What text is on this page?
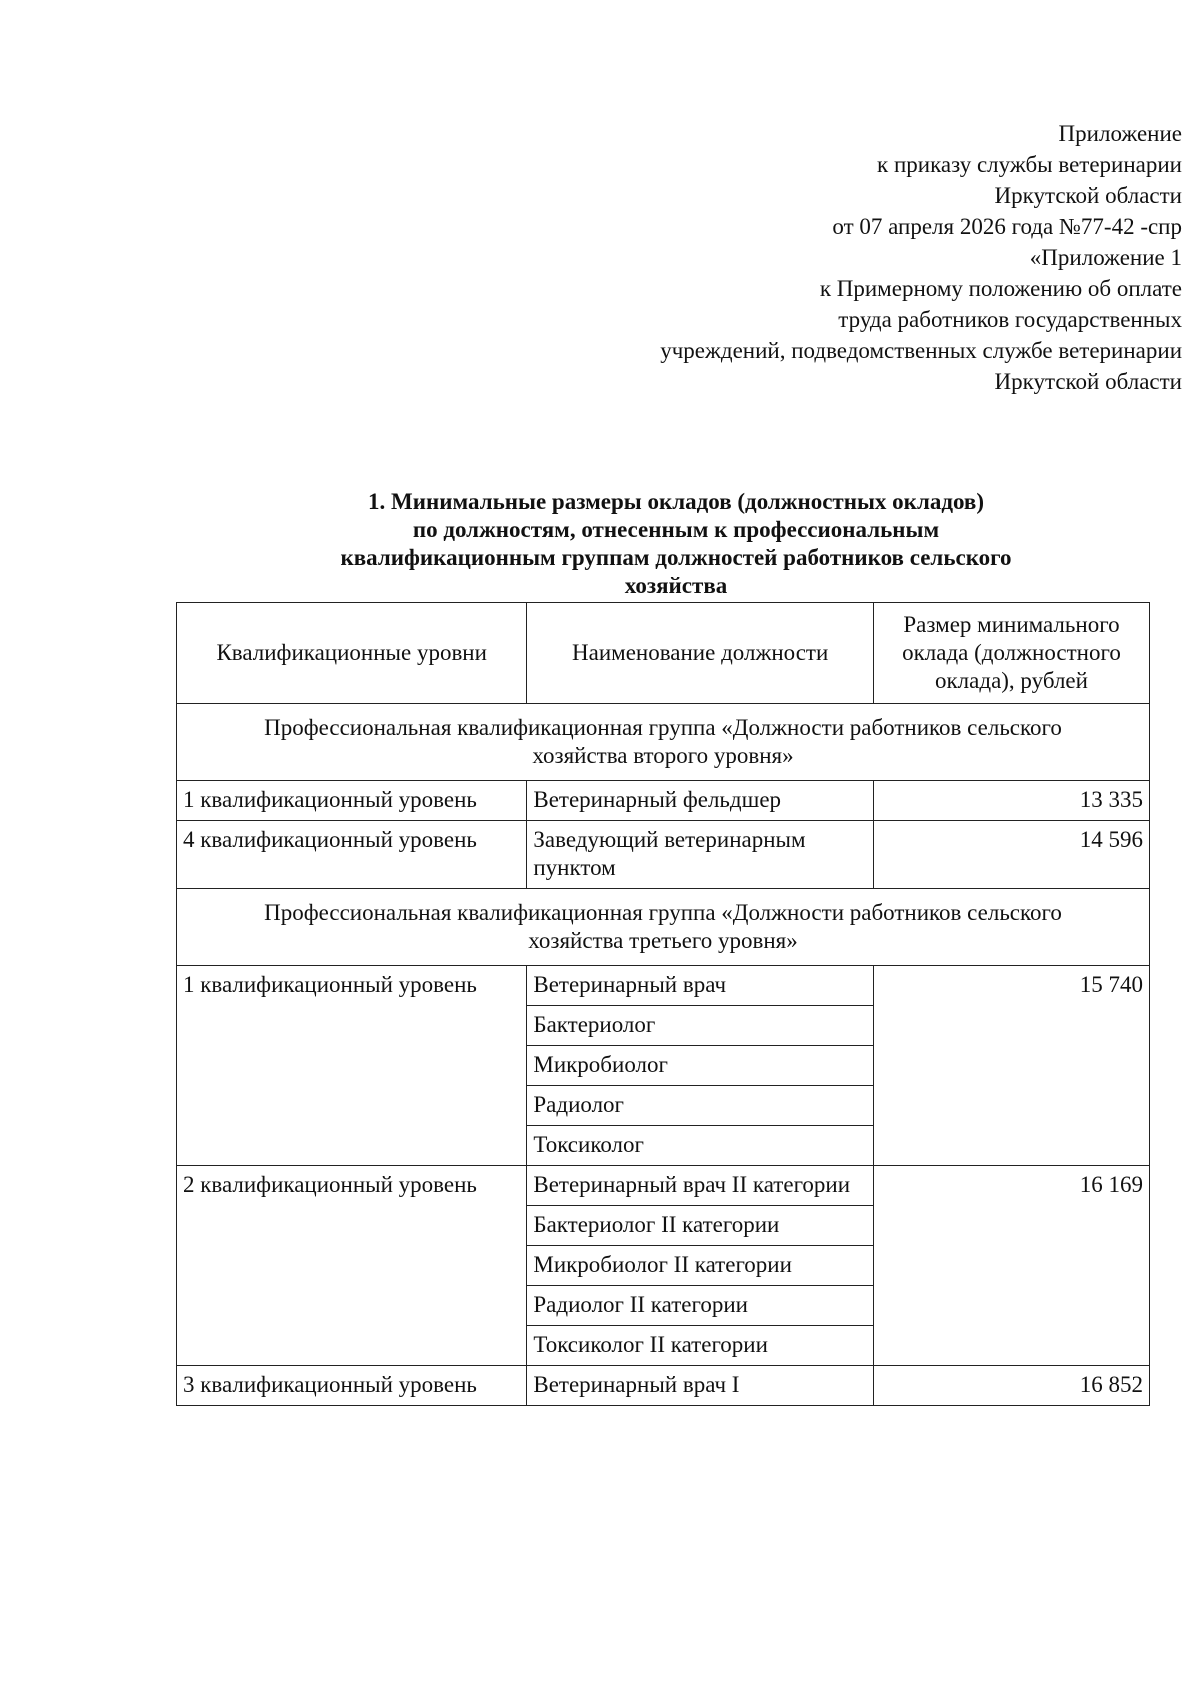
Приложение
к приказу службы ветеринарии
Иркутской области
от 07 апреля 2026 года №77-42 -спр
«Приложение 1
к Примерному положению об оплате
труда работников государственных
учреждений, подведомственных службе ветеринарии
Иркутской области
1. Минимальные размеры окладов (должностных окладов)
по должностям, отнесенным к профессиональным
квалификационным группам должностей работников сельского
хозяйства
Квалификационные уровни	Наименование должности	Размер минимального оклада (должностного оклада), рублей
Профессиональная квалификационная группа «Должности работников сельского хозяйства второго уровня»		
1 квалификационный уровень	Ветеринарный фельдшер	13 335
4 квалификационный уровень	Заведующий ветеринарным пунктом	14 596
Профессиональная квалификационная группа «Должности работников сельского хозяйства третьего уровня»		
1 квалификационный уровень	Ветеринарный врач	15 740
	Бактериолог	
	Микробиолог	
	Радиолог	
	Токсиколог	
2 квалификационный уровень	Ветеринарный врач II категории	16 169
	Бактериолог II категории	
	Микробиолог II категории	
	Радиолог II категории	
	Токсиколог II категории	
3 квалификационный уровень	Ветеринарный врач I	16 852
